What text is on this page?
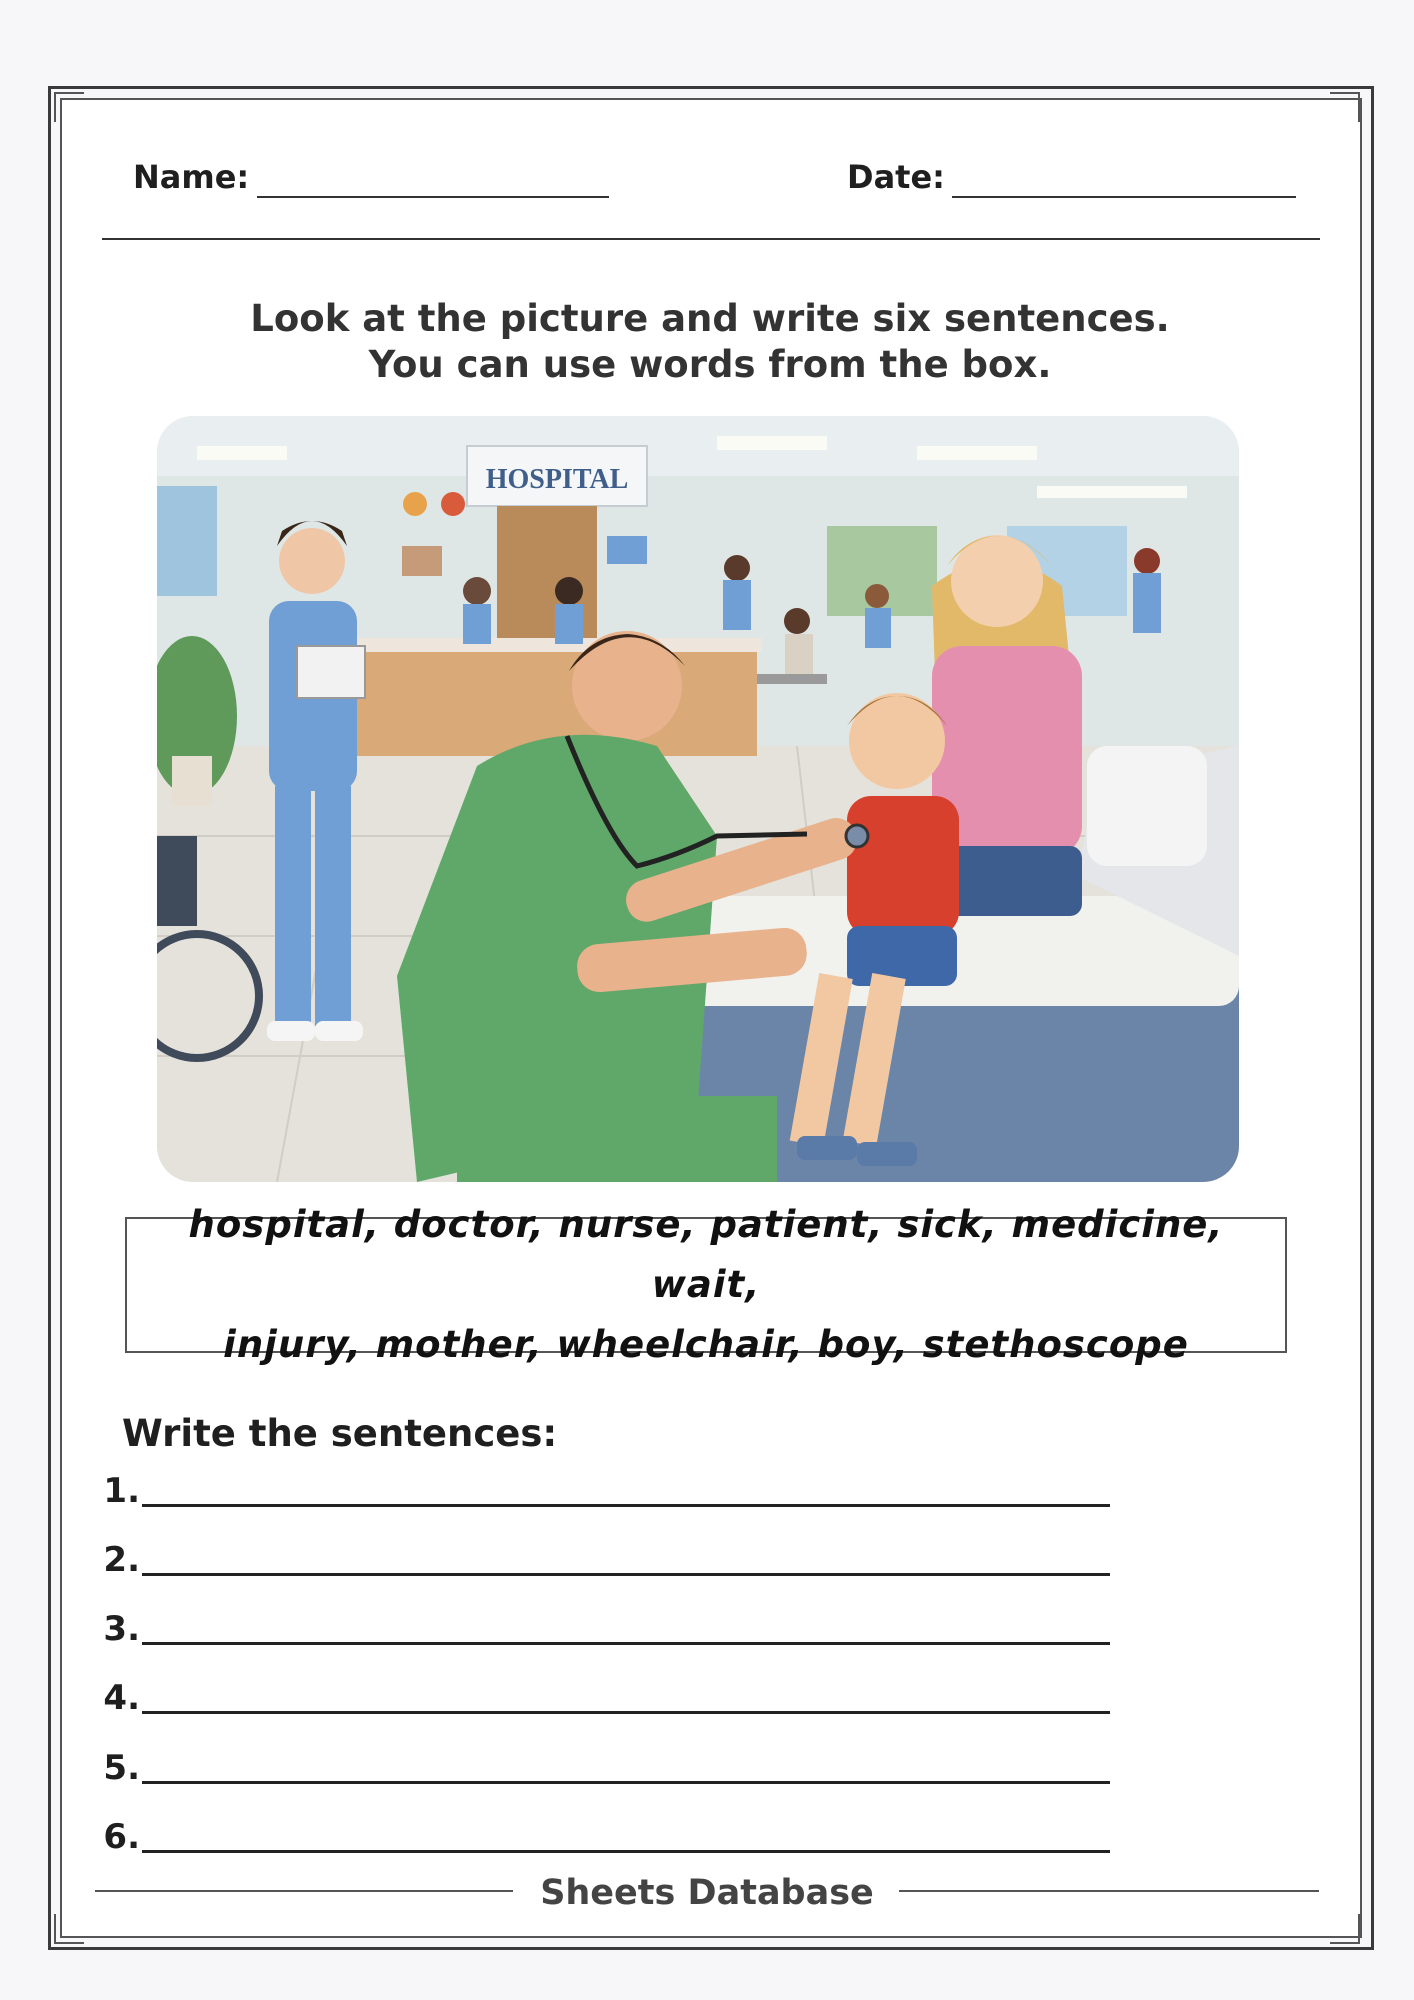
Name:	Date:
Look at the picture and write six sentences.
You can use words from the box.
HOSPITAL
hospital, doctor, nurse, patient, sick, medicine, wait,
injury, mother, wheelchair, boy, stethoscope
Write the sentences:
1.
2.
3.
4.
5.
6.
Sheets Database
